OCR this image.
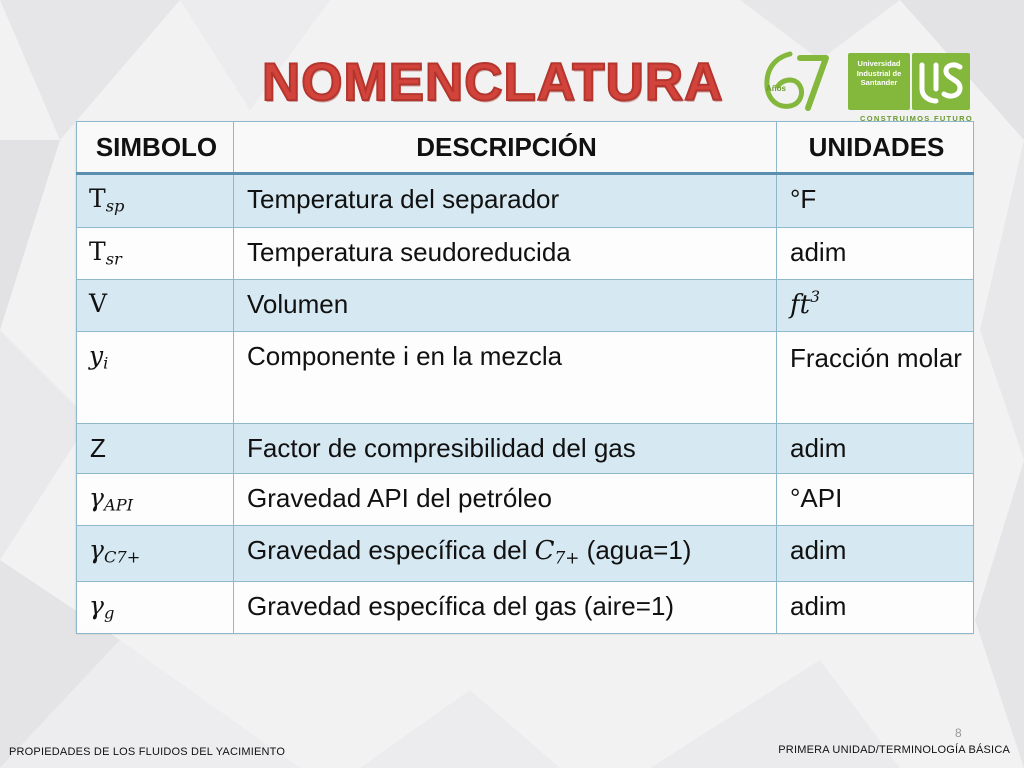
NOMENCLATURA	Años
Universidad
Industrial de
Santander
CONSTRUIMOS FUTURO
SIMBOLO	DESCRIPCIÓN	UNIDADES
$T_{sp}$	Temperatura del separador	°F
$T_{sr}$	Temperatura seudoreducida	adim
V	Volumen	$ft^3$
$y_i$	Componente i en la mezcla	Fracción molar
Z	Factor de compresibilidad del gas	adim
$\gamma_{API}$	Gravedad API del petróleo	°API
$\gamma_{C7+}$	Gravedad específica del $C_{7+}$ (agua=1)	adim
$\gamma_g$	Gravedad específica del gas (aire=1)	adim
8
PROPIEDADES DE LOS FLUIDOS DEL YACIMIENTO	PRIMERA UNIDAD/TERMINOLOGÍA BÁSICA
